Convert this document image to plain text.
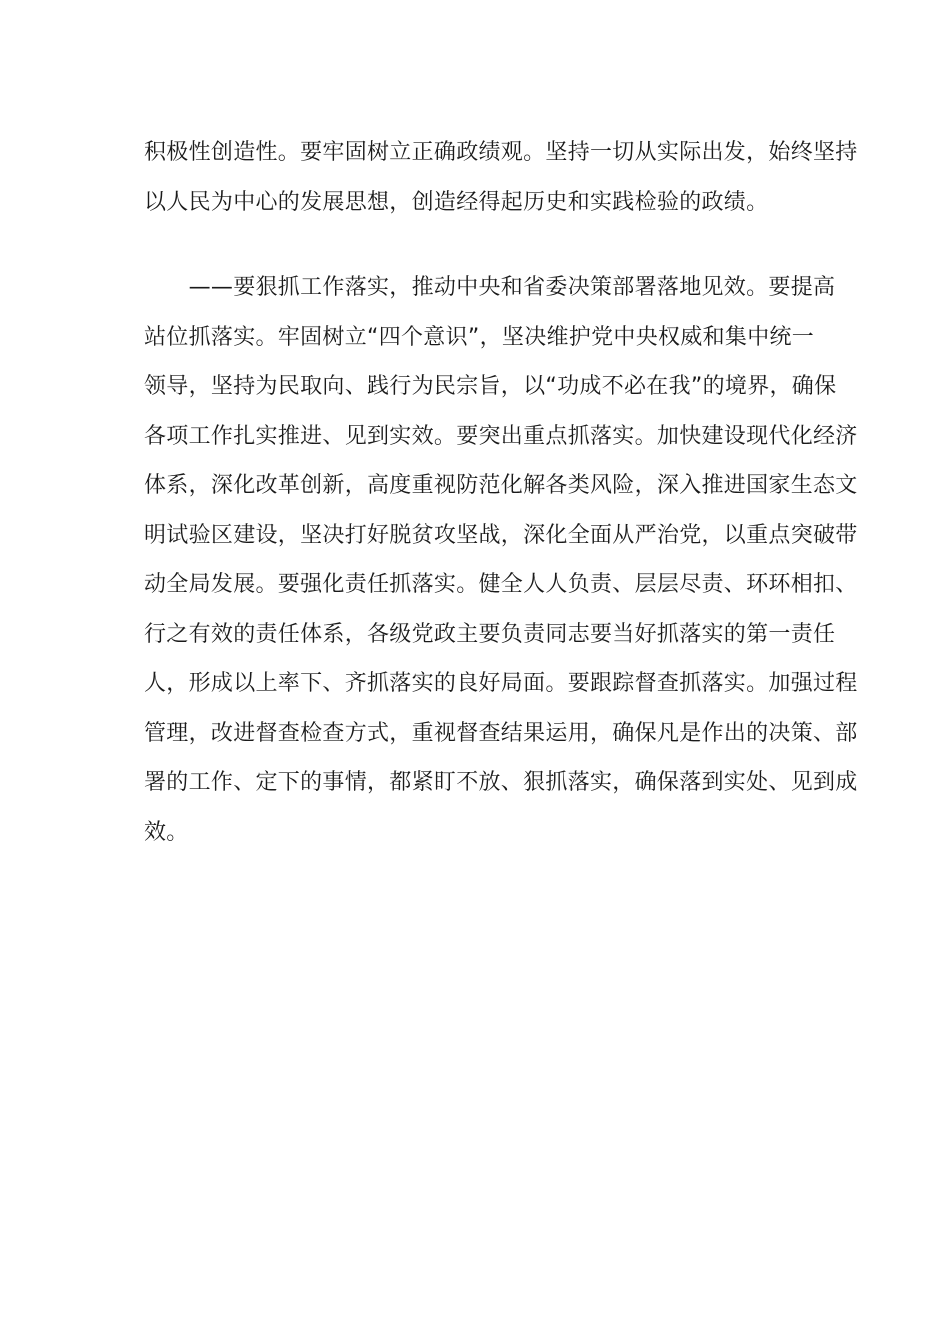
积极性创造性。要牢固树立正确政绩观。坚持一切从实际出发，始终坚持
以人民为中心的发展思想，创造经得起历史和实践检验的政绩。
　　——要狠抓工作落实，推动中央和省委决策部署落地见效。要提高
站位抓落实。牢固树立“四个意识”，坚决维护党中央权威和集中统一
领导，坚持为民取向、践行为民宗旨，以“功成不必在我”的境界，确保
各项工作扎实推进、见到实效。要突出重点抓落实。加快建设现代化经济
体系，深化改革创新，高度重视防范化解各类风险，深入推进国家生态文
明试验区建设，坚决打好脱贫攻坚战，深化全面从严治党，以重点突破带
动全局发展。要强化责任抓落实。健全人人负责、层层尽责、环环相扣、
行之有效的责任体系，各级党政主要负责同志要当好抓落实的第一责任
人，形成以上率下、齐抓落实的良好局面。要跟踪督查抓落实。加强过程
管理，改进督查检查方式，重视督查结果运用，确保凡是作出的决策、部
署的工作、定下的事情，都紧盯不放、狠抓落实，确保落到实处、见到成
效。
